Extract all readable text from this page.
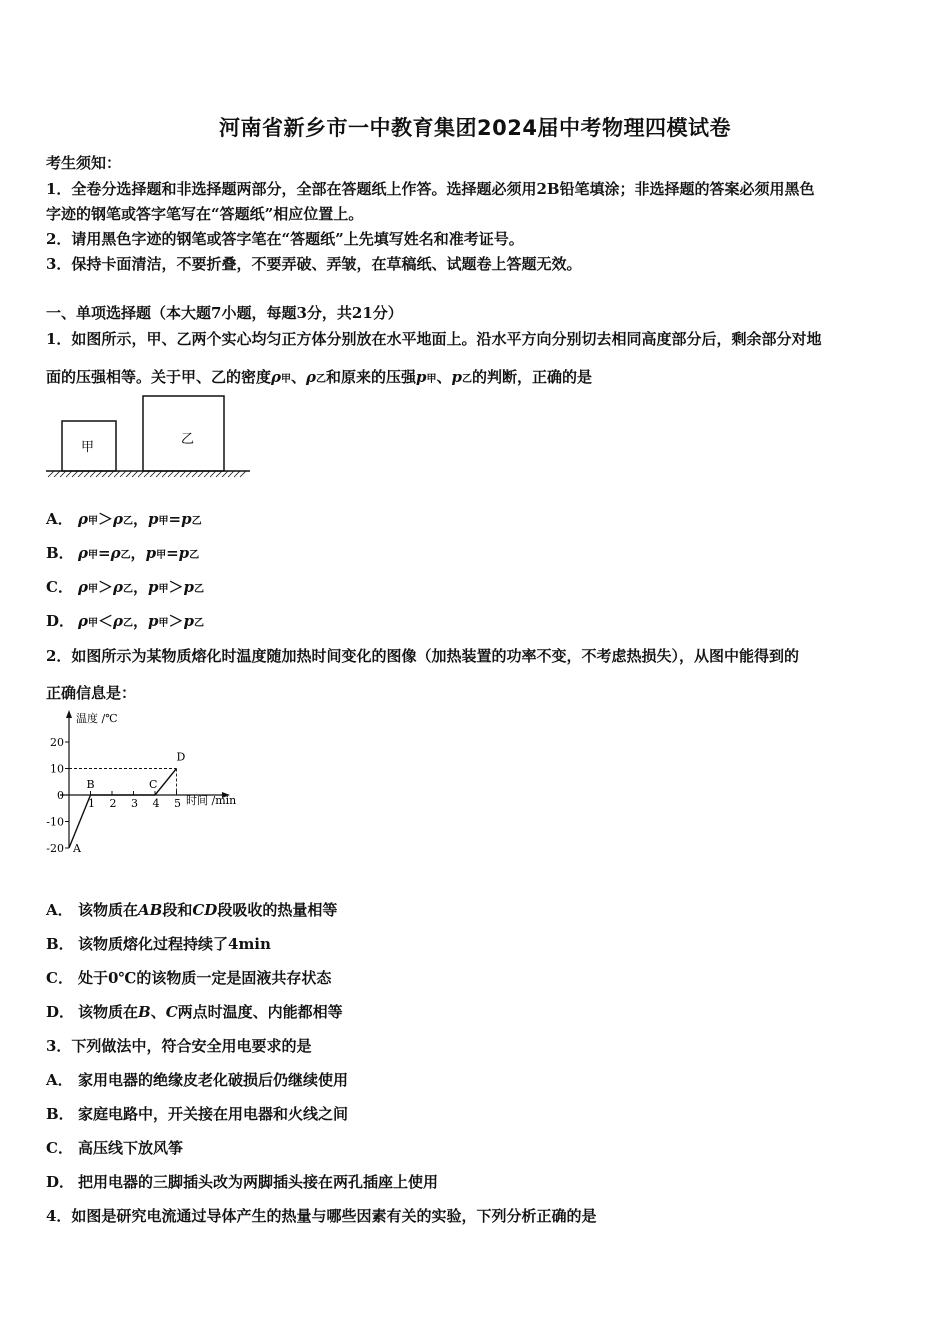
河南省新乡市一中教育集团2024届中考物理四模试卷
考生须知：
1．全卷分选择题和非选择题两部分，全部在答题纸上作答。选择题必须用2B铅笔填涂；非选择题的答案必须用黑色
字迹的钢笔或答字笔写在“答题纸”相应位置上。
2．请用黑色字迹的钢笔或答字笔在“答题纸”上先填写姓名和准考证号。
3．保持卡面清洁，不要折叠，不要弄破、弄皱，在草稿纸、试题卷上答题无效。
一、单项选择题（本大题7小题，每题3分，共21分）
1．如图所示，甲、乙两个实心均匀正方体分别放在水平地面上。沿水平方向分别切去相同高度部分后，剩余部分对地
面的压强相等。关于甲、乙的密度ρ甲、ρ乙和原来的压强p甲、p乙的判断，正确的是
甲
乙
A． ρ甲＞ρ乙，p甲=p乙
B． ρ甲=ρ乙，p甲=p乙
C． ρ甲＞ρ乙，p甲＞p乙
D． ρ甲＜ρ乙，p甲＞p乙
2．如图所示为某物质熔化时温度随加热时间变化的图像（加热装置的功率不变，不考虑热损失），从图中能得到的
正确信息是：
温度 /℃
时间 /min
20
10
0
-10
-20
1 2 3 4 5
A
B	C
D
A． 该物质在AB段和CD段吸收的热量相等
B． 该物质熔化过程持续了4min
C． 处于0℃的该物质一定是固液共存状态
D． 该物质在B、C两点时温度、内能都相等
3．下列做法中，符合安全用电要求的是
A． 家用电器的绝缘皮老化破损后仍继续使用
B． 家庭电路中，开关接在用电器和火线之间
C． 高压线下放风筝
D． 把用电器的三脚插头改为两脚插头接在两孔插座上使用
4．如图是研究电流通过导体产生的热量与哪些因素有关的实验，下列分析正确的是
